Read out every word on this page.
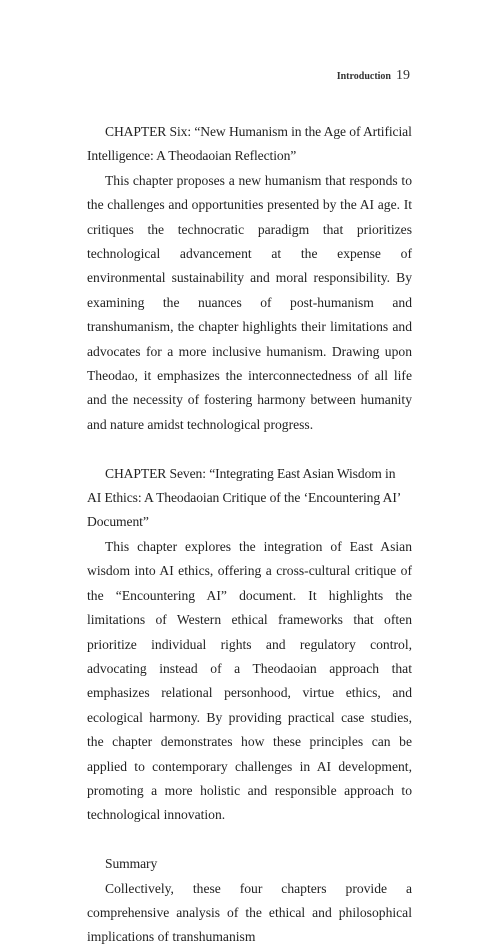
Introduction 19

CHAPTER Six: “New Humanism in the Age of Artificial Intelligence: A Theodaoian Reflection”

This chapter proposes a new humanism that responds to the challenges and opportunities presented by the AI age. It critiques the technocratic paradigm that prioritizes technological advancement at the expense of environmental sustainability and moral responsibility. By examining the nuances of post-humanism and transhumanism, the chapter highlights their limitations and advocates for a more inclusive humanism. Drawing upon Theodao, it emphasizes the interconnectedness of all life and the necessity of fostering harmony between humanity and nature amidst technological progress.

CHAPTER Seven: “Integrating East Asian Wisdom in AI Ethics: A Theodaoian Critique of the ‘Encountering AI’ Document”

This chapter explores the integration of East Asian wisdom into AI ethics, offering a cross-cultural critique of the “Encountering AI” document. It highlights the limitations of Western ethical frameworks that often prioritize individual rights and regulatory control, advocating instead of a Theodaoian approach that emphasizes relational personhood, virtue ethics, and ecological harmony. By providing practical case studies, the chapter demonstrates how these principles can be applied to contemporary challenges in AI development, promoting a more holistic and responsible approach to technological innovation.

Summary

Collectively, these four chapters provide a comprehensive analysis of the ethical and philosophical implications of transhumanism
